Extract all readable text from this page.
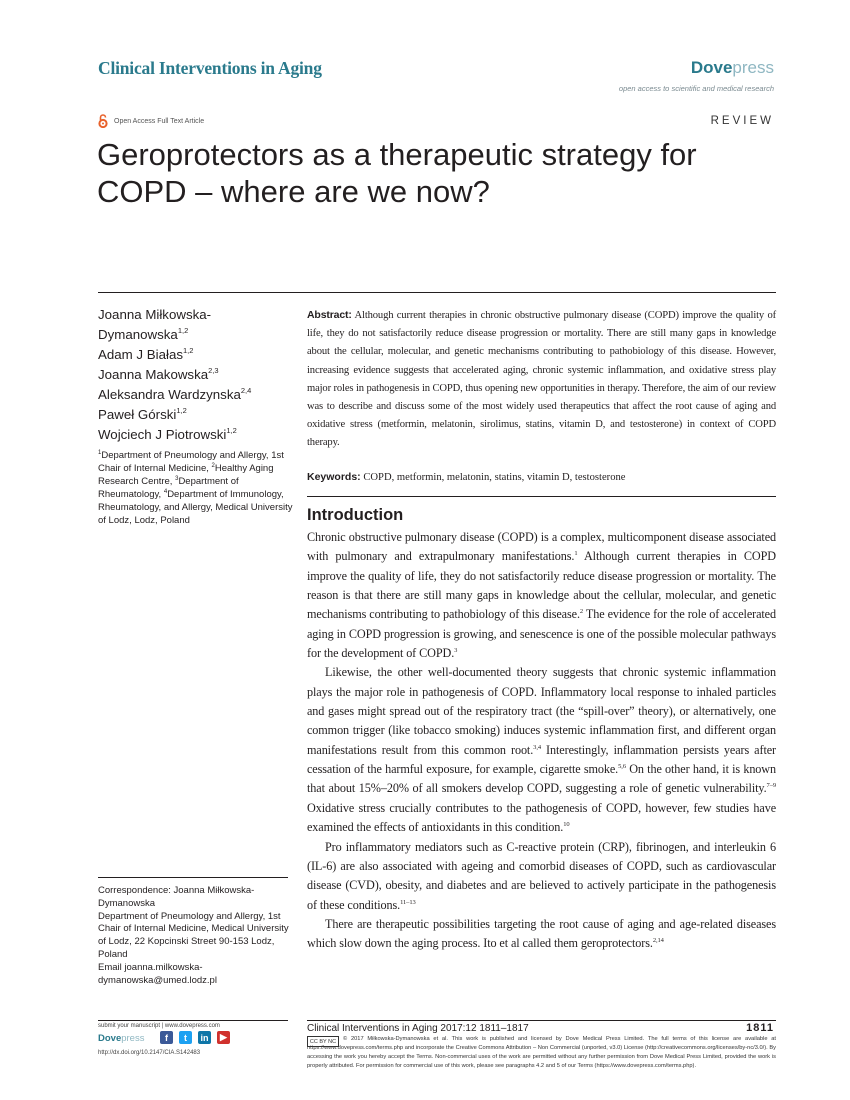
Clinical Interventions in Aging	Dovepress
open access to scientific and medical research
Open Access Full Text Article	REVIEW
Geroprotectors as a therapeutic strategy for COPD – where are we now?
Joanna Miłkowska-
Dymanowska$^{1,2}$
Adam J Białas$^{1,2}$
Joanna Makowska$^{2,3}$
Aleksandra Wardzynska$^{2,4}$
Paweł Górski$^{1,2}$
Wojciech J Piotrowski$^{1,2}$
$^1$Department of Pneumology and Allergy, 1st Chair of Internal Medicine, $^2$Healthy Aging Research Centre, $^3$Department of Rheumatology, $^4$Department of Immunology, Rheumatology, and Allergy, Medical University of Lodz, Lodz, Poland
Correspondence: Joanna Miłkowska-Dymanowska
Department of Pneumology and Allergy, 1st Chair of Internal Medicine, Medical University of Lodz, 22 Kopcinski Street 90-153 Lodz, Poland
Email joanna.milkowska-dymanowska@umed.lodz.pl
Abstract: Although current therapies in chronic obstructive pulmonary disease (COPD) improve the quality of life, they do not satisfactorily reduce disease progression or mortality. There are still many gaps in knowledge about the cellular, molecular, and genetic mechanisms contributing to pathobiology of this disease. However, increasing evidence suggests that accelerated aging, chronic systemic inflammation, and oxidative stress play major roles in pathogenesis in COPD, thus opening new opportunities in therapy. Therefore, the aim of our review was to describe and discuss some of the most widely used therapeutics that affect the root cause of aging and oxidative stress (metformin, melatonin, sirolimus, statins, vitamin D, and testosterone) in context of COPD therapy.
Keywords: COPD, metformin, melatonin, statins, vitamin D, testosterone
Introduction

Chronic obstructive pulmonary disease (COPD) is a complex, multicomponent disease associated with pulmonary and extrapulmonary manifestations.$^1$ Although current therapies in COPD improve the quality of life, they do not satisfactorily reduce disease progression or mortality. The reason is that there are still many gaps in knowledge about the cellular, molecular, and genetic mechanisms contributing to pathobiology of this disease.$^2$ The evidence for the role of accelerated aging in COPD progression is growing, and senescence is one of the possible molecular pathways for the development of COPD.$^3$

Likewise, the other well-documented theory suggests that chronic systemic inflammation plays the major role in pathogenesis of COPD. Inflammatory local response to inhaled particles and gases might spread out of the respiratory tract (the “spill-over” theory), or alternatively, one common trigger (like tobacco smoking) induces systemic inflammation first, and different organ manifestations result from this common root.$^{3,4}$ Interestingly, inflammation persists years after cessation of the harmful exposure, for example, cigarette smoke.$^{5,6}$ On the other hand, it is known that about 15%–20% of all smokers develop COPD, suggesting a role of genetic vulnerability.$^{7-9}$ Oxidative stress crucially contributes to the pathogenesis of COPD, however, few studies have examined the effects of antioxidants in this condition.$^{10}$

Pro inflammatory mediators such as C-reactive protein (CRP), fibrinogen, and interleukin 6 (IL-6) are also associated with ageing and comorbid diseases of COPD, such as cardiovascular disease (CVD), obesity, and diabetes and are believed to actively participate in the pathogenesis of these conditions.$^{11-13}$

There are therapeutic possibilities targeting the root cause of aging and age-related diseases which slow down the aging process. Ito et al called them geroprotectors.$^{2,14}$

submit your manuscript | www.dovepress.com
Dovepress	f	t	in	▶
http://dx.doi.org/10.2147/CIA.S142483
Clinical Interventions in Aging 2017:12 1811–1817	1811
CC BY NC	© 2017 Miłkowska-Dymanowska et al. This work is published and licensed by Dove Medical Press Limited. The full terms of this license are available at https://www.dovepress.com/terms.php and incorporate the Creative Commons Attribution – Non Commercial (unported, v3.0) License (http://creativecommons.org/licenses/by-nc/3.0/). By accessing the work you hereby accept the Terms. Non-commercial uses of the work are permitted without any further permission from Dove Medical Press Limited, provided the work is properly attributed. For permission for commercial use of this work, please see paragraphs 4.2 and 5 of our Terms (https://www.dovepress.com/terms.php).
